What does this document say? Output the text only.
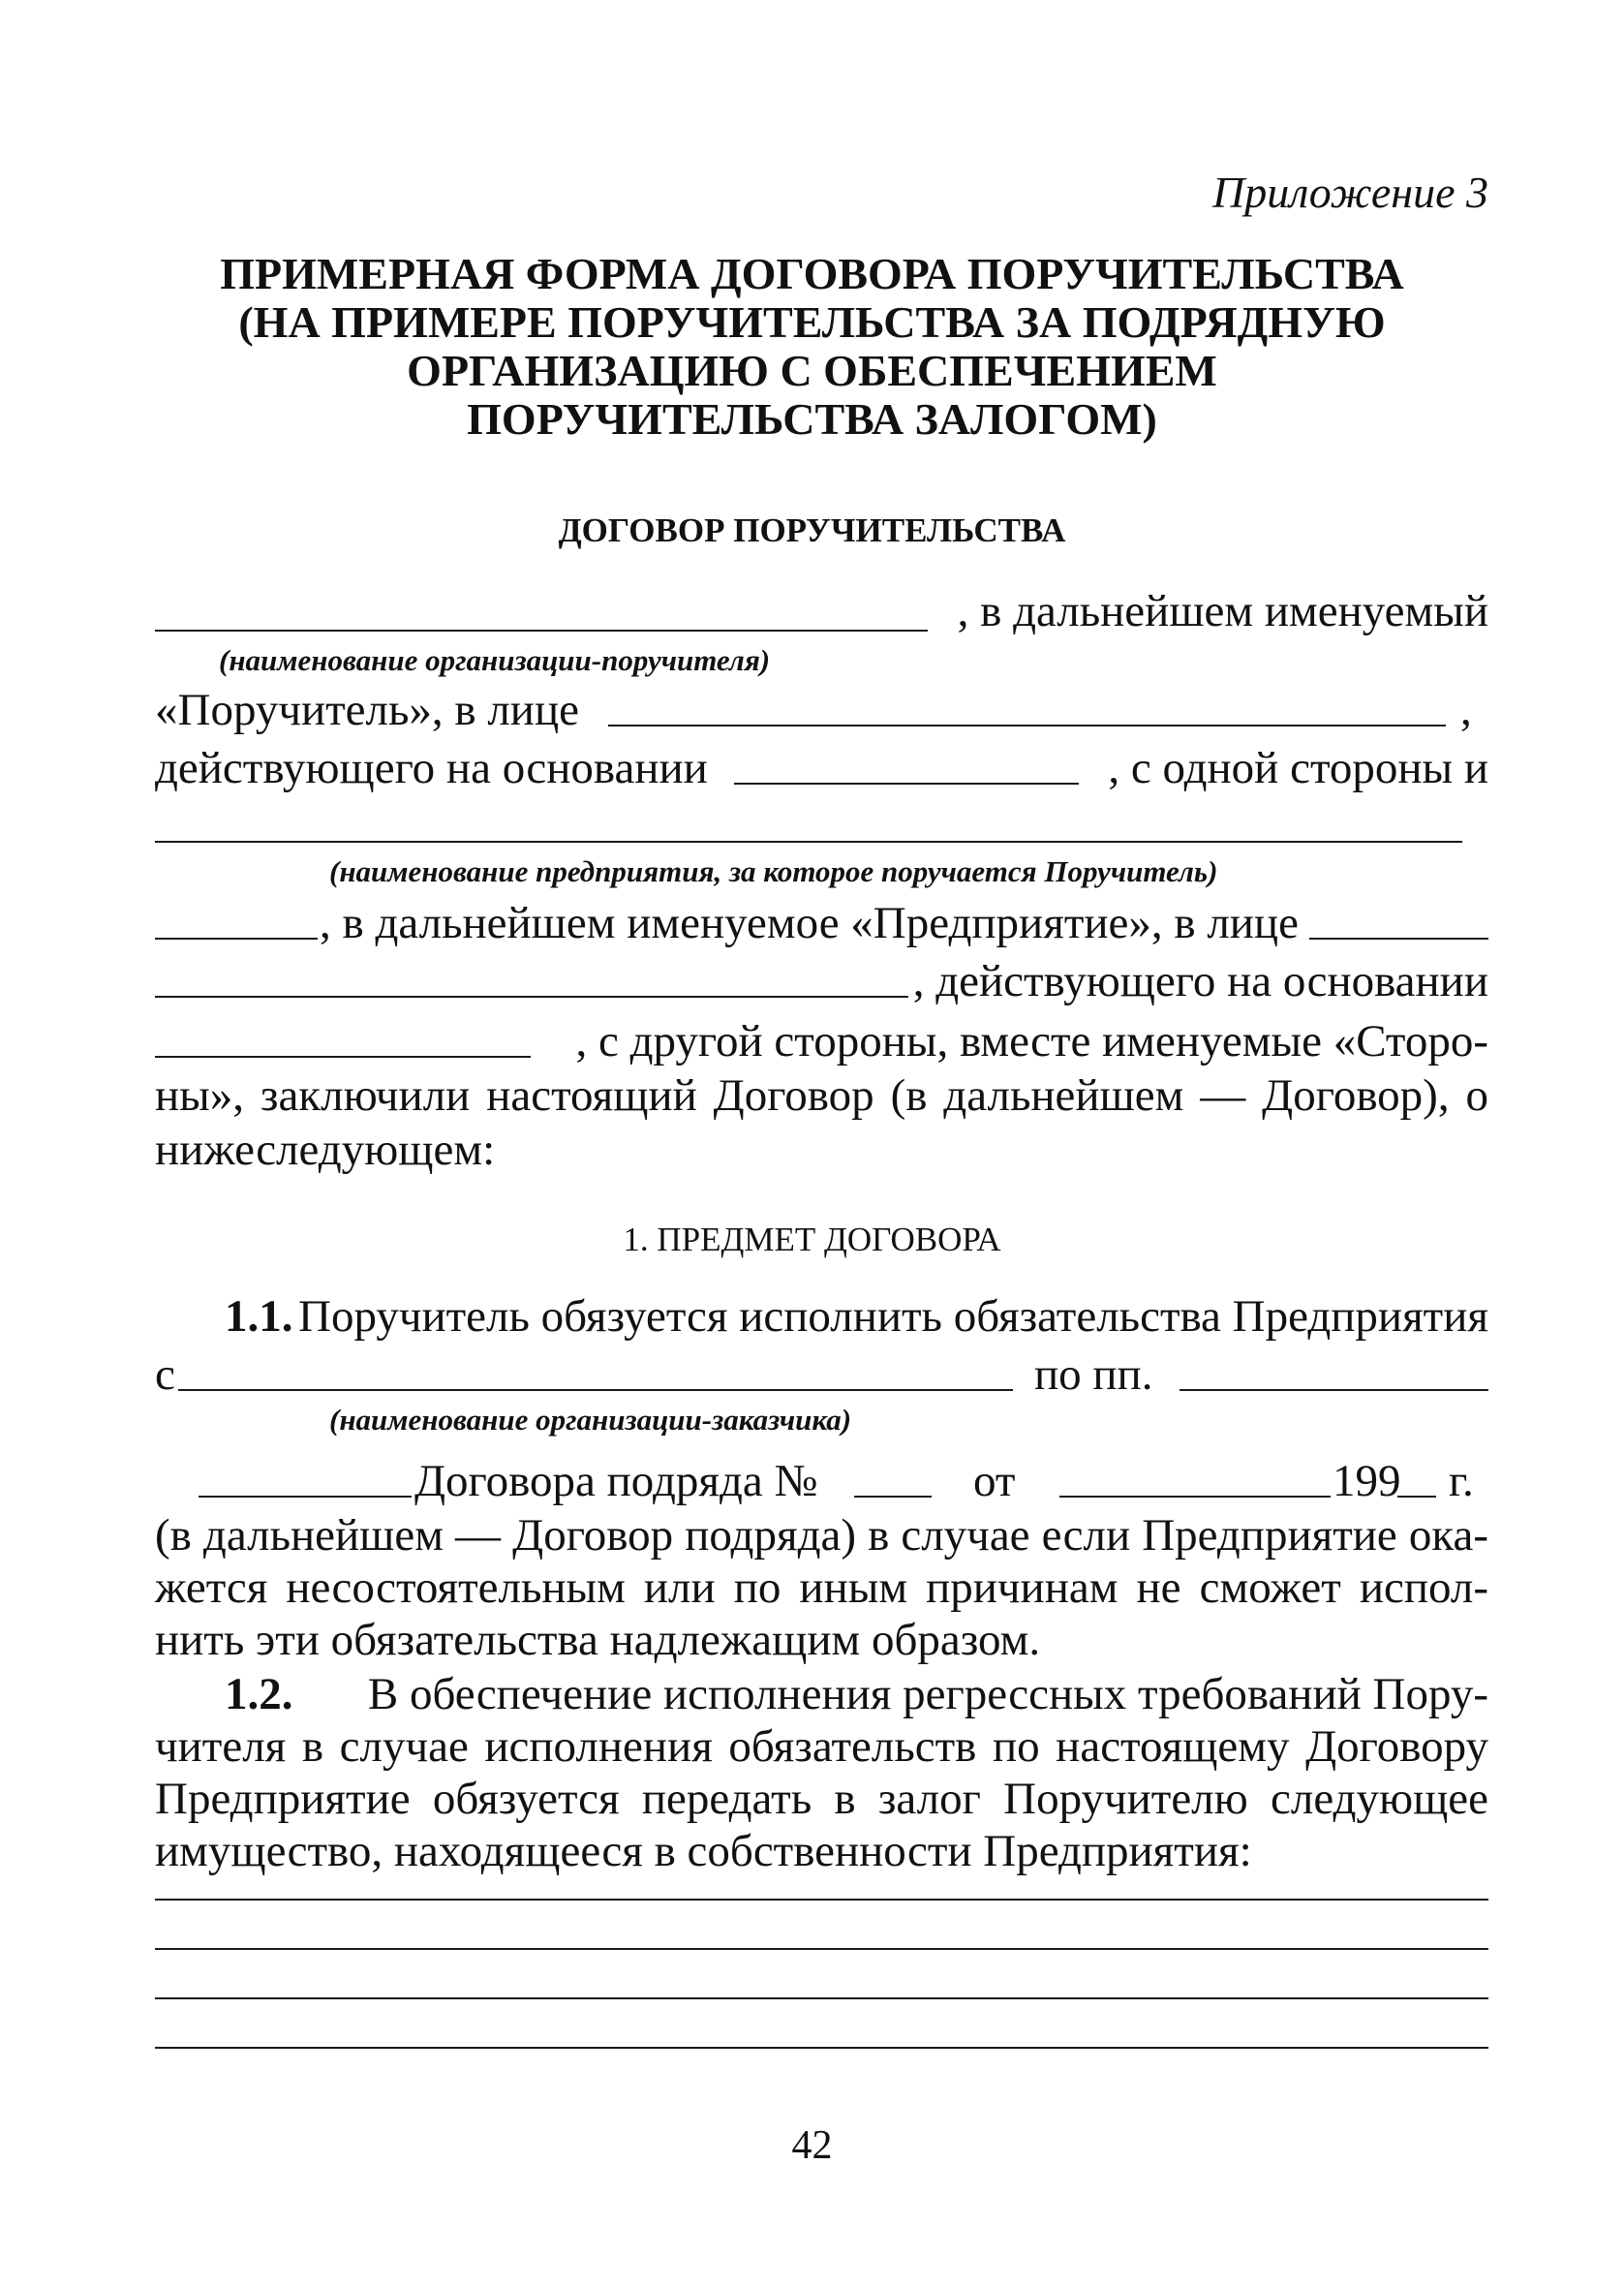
Приложение 3
ПРИМЕРНАЯ ФОРМА ДОГОВОРА ПОРУЧИТЕЛЬСТВА
(НА ПРИМЕРЕ ПОРУЧИТЕЛЬСТВА ЗА ПОДРЯДНУЮ
ОРГАНИЗАЦИЮ С ОБЕСПЕЧЕНИЕМ
ПОРУЧИТЕЛЬСТВА ЗАЛОГОМ)
ДОГОВОР ПОРУЧИТЕЛЬСТВА
, в дальнейшем именуемый
(наименование организации-поручителя)
«Поручитель», в лице	,
действующего на основании	, с одной стороны и
(наименование предприятия, за которое поручается Поручитель)
, в дальнейшем именуемое «Предприятие», в лице
, действующего на основании
, с другой стороны, вместе именуемые «Сторо-
ны», заключили настоящий Договор (в дальнейшем — Договор), о
нижеследующем:
1. ПРЕДМЕТ ДОГОВОРА
1.1. Поручитель обязуется исполнить обязательства Предприятия
с	по пп.
(наименование организации-заказчика)
Договора подряда №	от	199 г.
(в дальнейшем — Договор подряда) в случае если Предприятие ока-
жется несостоятельным или по иным причинам не сможет испол-
нить эти обязательства надлежащим образом.
1.2. В обеспечение исполнения регрессных требований Пору-
чителя в случае исполнения обязательств по настоящему Договору
Предприятие обязуется передать в залог Поручителю следующее
имущество, находящееся в собственности Предприятия:
42
